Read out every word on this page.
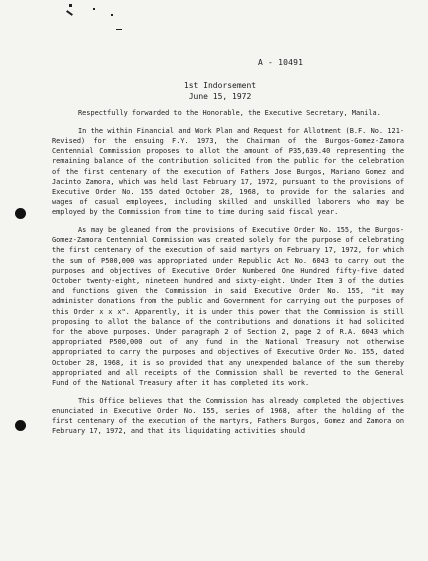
A - 10491
1st Indorsement
June 15, 1972

Respectfully forwarded to the Honorable, the Executive Secretary, Manila.

In the within Financial and Work Plan and Request for Allotment (B.F. No. 121-Revised) for the ensuing F.Y. 1973, the Chairman of the Burgos-Gomez-Zamora Centennial Commission proposes to allot the amount of P35,639.40 representing the remaining balance of the contribution solicited from the public for the celebration of the first centenary of the execution of Fathers Jose Burgos, Mariano Gomez and Jacinto Zamora, which was held last February 17, 1972, pursuant to the provisions of Executive Order No. 155 dated October 28, 1968, to provide for the salaries and wages of casual employees, including skilled and unskilled laborers who may be employed by the Commission from time to time during said fiscal year.

As may be gleaned from the provisions of Executive Order No. 155, the Burgos-Gomez-Zamora Centennial Commission was created solely for the purpose of celebrating the first centenary of the execution of said martyrs on February 17, 1972, for which the sum of P500,000 was appropriated under Republic Act No. 6043 to carry out the purposes and objectives of Executive Order Numbered One Hundred fifty-five dated October twenty-eight, nineteen hundred and sixty-eight. Under Item 3 of the duties and functions given the Commission in said Executive Order No. 155, "it may administer donations from the public and Government for carrying out the purposes of this Order x x x". Apparently, it is under this power that the Commission is still proposing to allot the balance of the contributions and donations it had solicited for the above purposes. Under paragraph 2 of Section 2, page 2 of R.A. 6043 which appropriated P500,000 out of any fund in the National Treasury not otherwise appropriated to carry the purposes and objectives of Executive Order No. 155, dated October 28, 1968, it is so provided that any unexpended balance of the sum thereby appropriated and all receipts of the Commission shall be reverted to the General Fund of the National Treasury after it has completed its work.

This Office believes that the Commission has already completed the objectives enunciated in Executive Order No. 155, series of 1968, after the holding of the first centenary of the execution of the martyrs, Fathers Burgos, Gomez and Zamora on February 17, 1972, and that its liquidating activities should
